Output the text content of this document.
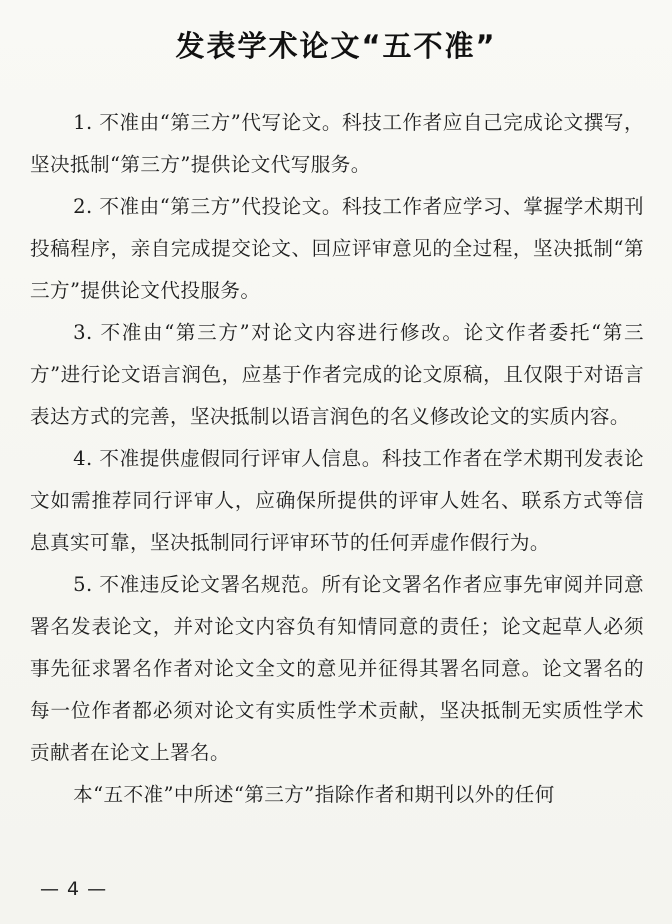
发表学术论文“五不准”

1. 不准由“第三方”代写论文。科技工作者应自己完成论文撰写，坚决抵制“第三方”提供论文代写服务。

2. 不准由“第三方”代投论文。科技工作者应学习、掌握学术期刊投稿程序，亲自完成提交论文、回应评审意见的全过程，坚决抵制“第三方”提供论文代投服务。

3. 不准由“第三方”对论文内容进行修改。论文作者委托“第三方”进行论文语言润色，应基于作者完成的论文原稿，且仅限于对语言表达方式的完善，坚决抵制以语言润色的名义修改论文的实质内容。

4. 不准提供虚假同行评审人信息。科技工作者在学术期刊发表论文如需推荐同行评审人，应确保所提供的评审人姓名、联系方式等信息真实可靠，坚决抵制同行评审环节的任何弄虚作假行为。

5. 不准违反论文署名规范。所有论文署名作者应事先审阅并同意署名发表论文，并对论文内容负有知情同意的责任；论文起草人必须事先征求署名作者对论文全文的意见并征得其署名同意。论文署名的每一位作者都必须对论文有实质性学术贡献，坚决抵制无实质性学术贡献者在论文上署名。

本“五不准”中所述“第三方”指除作者和期刊以外的任何

— 4 —
